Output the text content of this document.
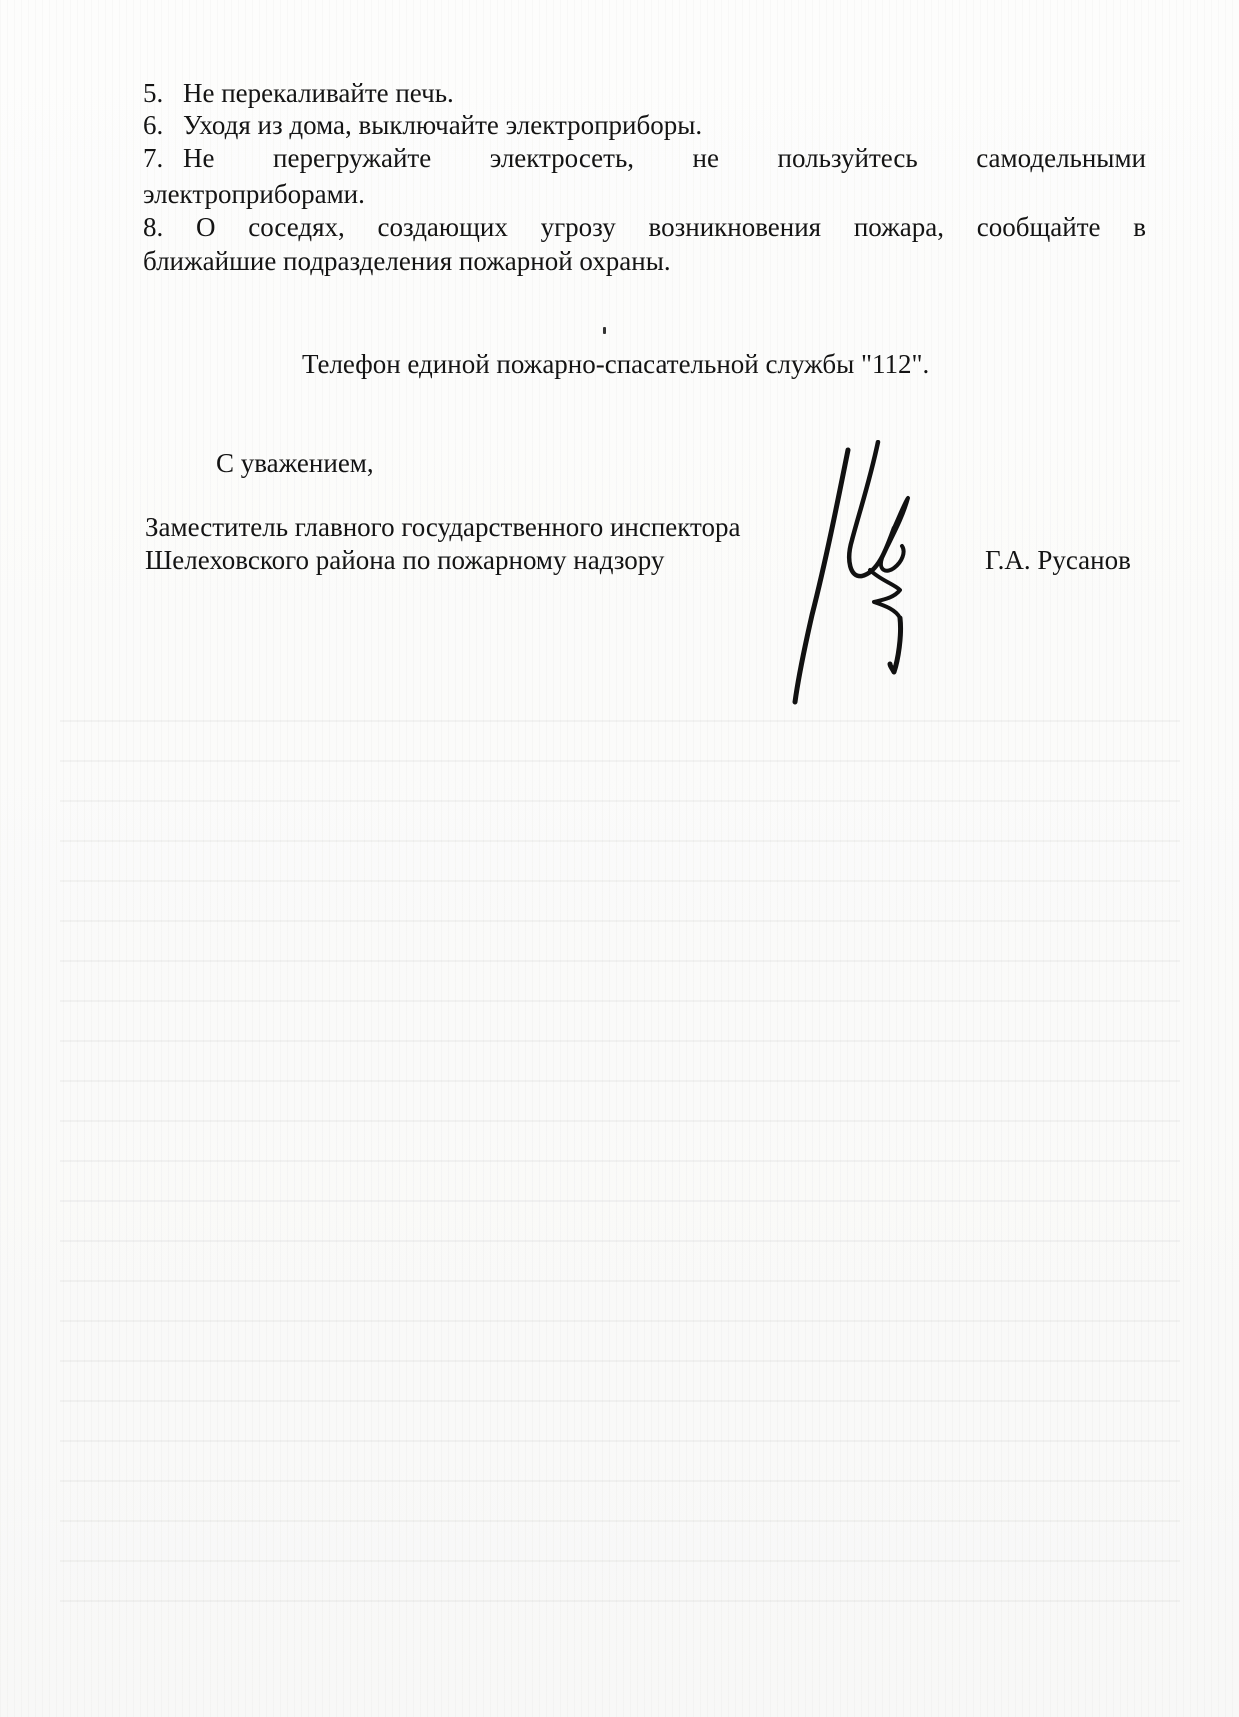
5. Не перекаливайте печь.
6. Уходя из дома, выключайте электроприборы.
7. Не перегружайте электросеть, не пользуйтесь самодельными
электроприборами.
8. О соседях, создающих угрозу возникновения пожара, сообщайте в
ближайшие подразделения пожарной охраны.
Телефон единой пожарно-спасательной службы "112".
С уважением,
Заместитель главного государственного инспектора
Шелеховского района по пожарному надзору	Г.А. Русанов
